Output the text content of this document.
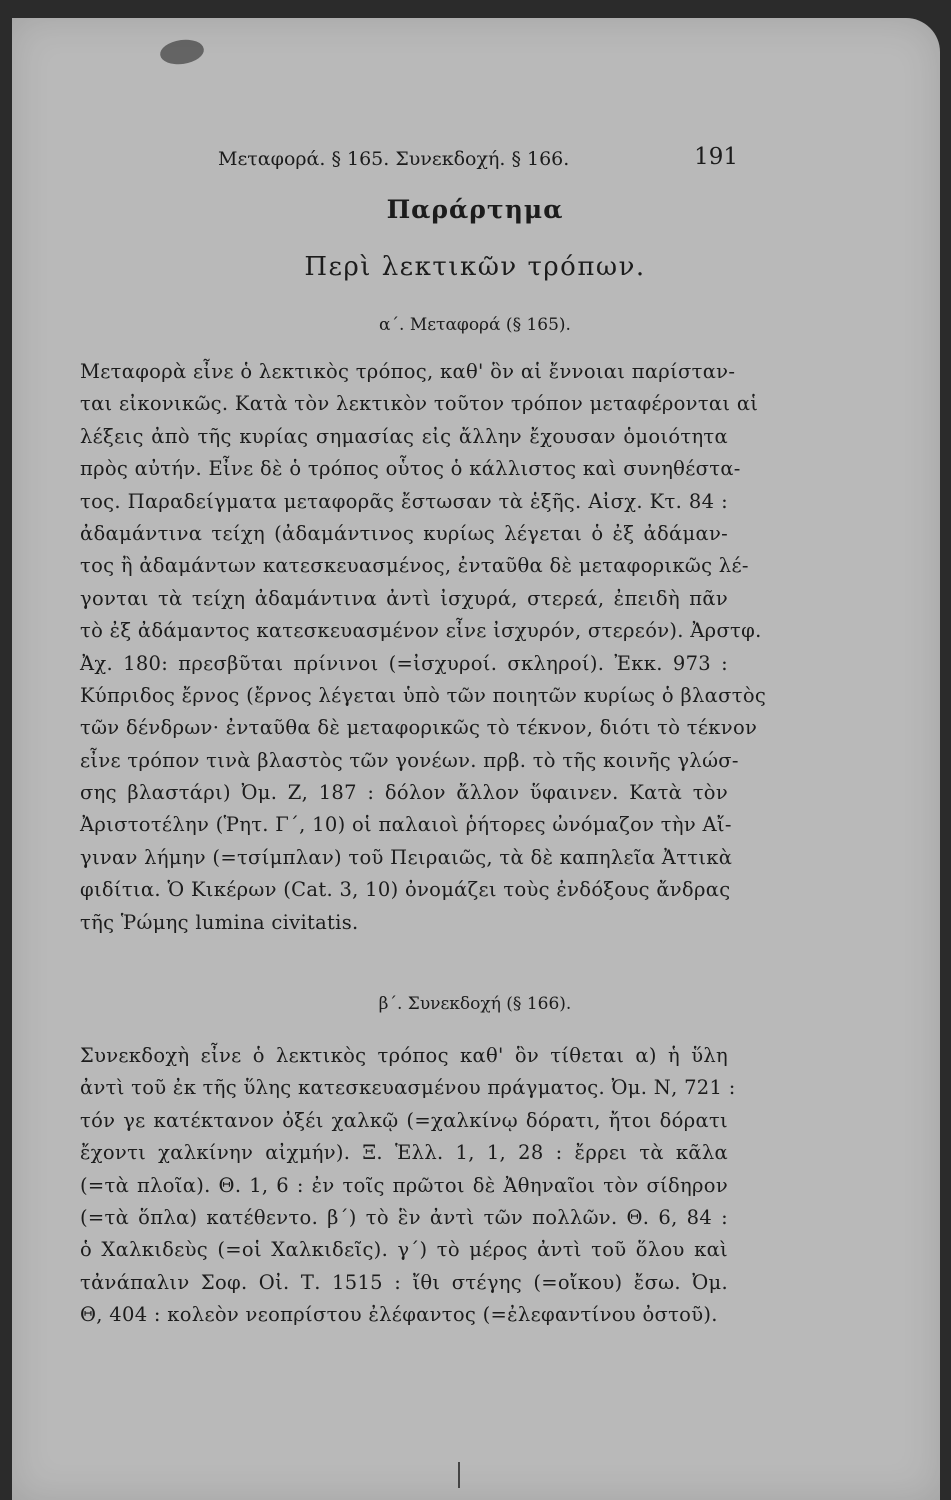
Μεταφορά. § 165. Συνεκδοχή. § 166.	191
Παράρτημα
Περὶ λεκτικῶν τρόπων.
α΄. Μεταφορά (§ 165).
Μεταφορὰ εἶνε ὁ λεκτικὸς τρόπος, καθ' ὃν αἱ ἔννοιαι παρίσταν-
ται εἰκονικῶς. Κατὰ τὸν λεκτικὸν τοῦτον τρόπον μεταφέρονται αἱ
λέξεις ἀπὸ τῆς κυρίας σημασίας εἰς ἄλλην ἔχουσαν ὁμοιότητα
πρὸς αὐτήν. Εἶνε δὲ ὁ τρόπος οὗτος ὁ κάλλιστος καὶ συνηθέστα-
τος. Παραδείγματα μεταφορᾶς ἔστωσαν τὰ ἑξῆς. Αἰσχ. Κτ. 84 :
ἀδαμάντινα τείχη (ἀδαμάντινος κυρίως λέγεται ὁ ἐξ ἀδάμαν-
τος ἢ ἀδαμάντων κατεσκευασμένος, ἐνταῦθα δὲ μεταφορικῶς λέ-
γονται τὰ τείχη ἀδαμάντινα ἀντὶ ἰσχυρά, στερεά, ἐπειδὴ πᾶν
τὸ ἐξ ἀδάμαντος κατεσκευασμένον εἶνε ἰσχυρόν, στερεόν). Ἀρστφ.
Ἀχ. 180: πρεσβῦται πρίνινοι (=ἰσχυροί. σκληροί). Ἐκκ. 973 :
Κύπριδος ἔρνος (ἔρνος λέγεται ὑπὸ τῶν ποιητῶν κυρίως ὁ βλαστὸς
τῶν δένδρων· ἐνταῦθα δὲ μεταφορικῶς τὸ τέκνον, διότι τὸ τέκνον
εἶνε τρόπον τινὰ βλαστὸς τῶν γονέων. πρβ. τὸ τῆς κοινῆς γλώσ-
σης βλαστάρι) Ὀμ. Ζ, 187 : δόλον ἄλλον ὕφαινεν. Κατὰ τὸν
Ἀριστοτέλην (Ῥητ. Γ΄, 10) οἱ παλαιοὶ ῥήτορες ὠνόμαζον τὴν Αἴ-
γιναν λήμην (=τσίμπλαν) τοῦ Πειραιῶς, τὰ δὲ καπηλεῖα Ἀττικὰ
φιδίτια. Ὁ Κικέρων (Cat. 3, 10) ὀνομάζει τοὺς ἐνδόξους ἄνδρας
τῆς Ῥώμης lumina civitatis.
β΄. Συνεκδοχή (§ 166).
Συνεκδοχὴ εἶνε ὁ λεκτικὸς τρόπος καθ' ὃν τίθεται α) ἡ ὕλη
ἀντὶ τοῦ ἐκ τῆς ὕλης κατεσκευασμένου πράγματος. Ὀμ. Ν, 721 :
τόν γε κατέκτανον ὀξέι χαλκῷ (=χαλκίνῳ δόρατι, ἤτοι δόρατι
ἔχοντι χαλκίνην αἰχμήν). Ξ. Ἑλλ. 1, 1, 28 : ἔρρει τὰ κᾶλα
(=τὰ πλοῖα). Θ. 1, 6 : ἐν τοῖς πρῶτοι δὲ Ἀθηναῖοι τὸν σίδηρον
(=τὰ ὅπλα) κατέθεντο. β΄) τὸ ἓν ἀντὶ τῶν πολλῶν. Θ. 6, 84 :
ὁ Χαλκιδεὺς (=οἱ Χαλκιδεῖς). γ΄) τὸ μέρος ἀντὶ τοῦ ὅλου καὶ
τἀνάπαλιν Σοφ. Οἰ. Τ. 1515 : ἴθι στέγης (=οἴκου) ἔσω. Ὀμ.
Θ, 404 : κολεὸν νεοπρίστου ἐλέφαντος (=ἐλεφαντίνου ὀστοῦ).
